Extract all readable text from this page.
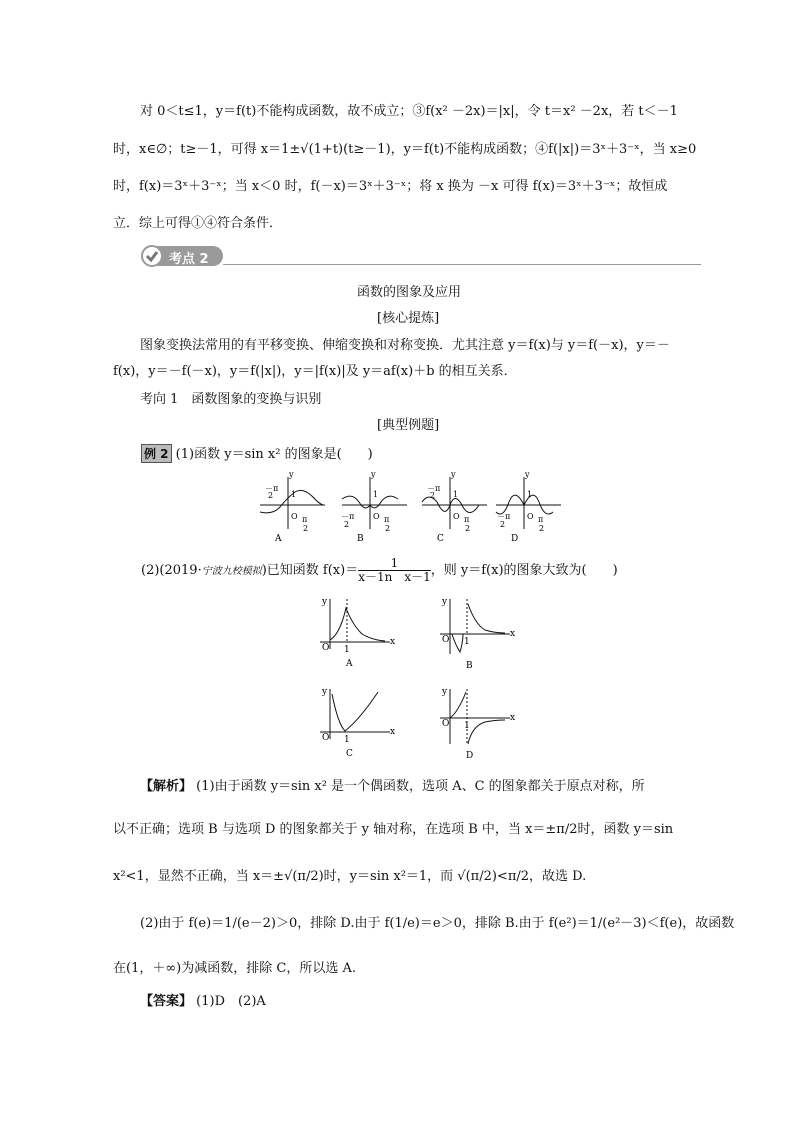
对 0＜t≤1，y＝f(t)不能构成函数，故不成立；③f(x² －2x)＝|x|，令 t＝x² －2x，若 t＜－1
时，x∈∅；t≥－1，可得 x＝1±√(1+t)(t≥－1)，y＝f(t)不能构成函数；④f(|x|)＝3ˣ＋3⁻ˣ，当 x≥0
时，f(x)＝3ˣ＋3⁻ˣ；当 x＜0 时，f(－x)＝3ˣ＋3⁻ˣ；将 x 换为 －x 可得 f(x)＝3ˣ＋3⁻ˣ；故恒成
立．综上可得①④符合条件．
考点 2
函数的图象及应用
[核心提炼]
图象变换法常用的有平移变换、伸缩变换和对称变换．尤其注意 y＝f(x)与 y＝f(－x)，y＝－
f(x)，y＝－f(－x)，y＝f(|x|)，y＝|f(x)|及 y＝af(x)＋b 的相互关系．
考向 1　函数图象的变换与识别
[典型例题]
例 2 (1)函数 y＝sin x² 的图象是(　　)
y
－π
2
O π
2
1
A
y
O
1
－π
2
π
2
B
y
O
1
－π
2
π
2
C
y
O
1
－π
2
π
2
D
(2)(2019·宁波九校模拟)已知函数 $f(x)= \frac{1}{\text{x－1n　x－1}}$ ，则 y＝f(x)的图象大致为(　　)
y
O 1
x
A
y
O 1
x
B
y
O 1
x
C
y
O 1
x
D
【解析】 (1)由于函数 y＝sin x² 是一个偶函数，选项 A、C 的图象都关于原点对称，所
以不正确；选项 B 与选项 D 的图象都关于 y 轴对称，在选项 B 中，当 x＝±π/2时，函数 y＝sin
x²<1，显然不正确，当 x＝±√(π/2)时，y＝sin x²＝1，而 √(π/2)<π/2，故选 D.
(2)由于 f(e)＝1/(e－2)＞0，排除 D.由于 f(1/e)＝e＞0，排除 B.由于 f(e²)＝1/(e²－3)＜f(e)，故函数
在(1，＋∞)为减函数，排除 C，所以选 A.
【答案】 (1)D　(2)A
